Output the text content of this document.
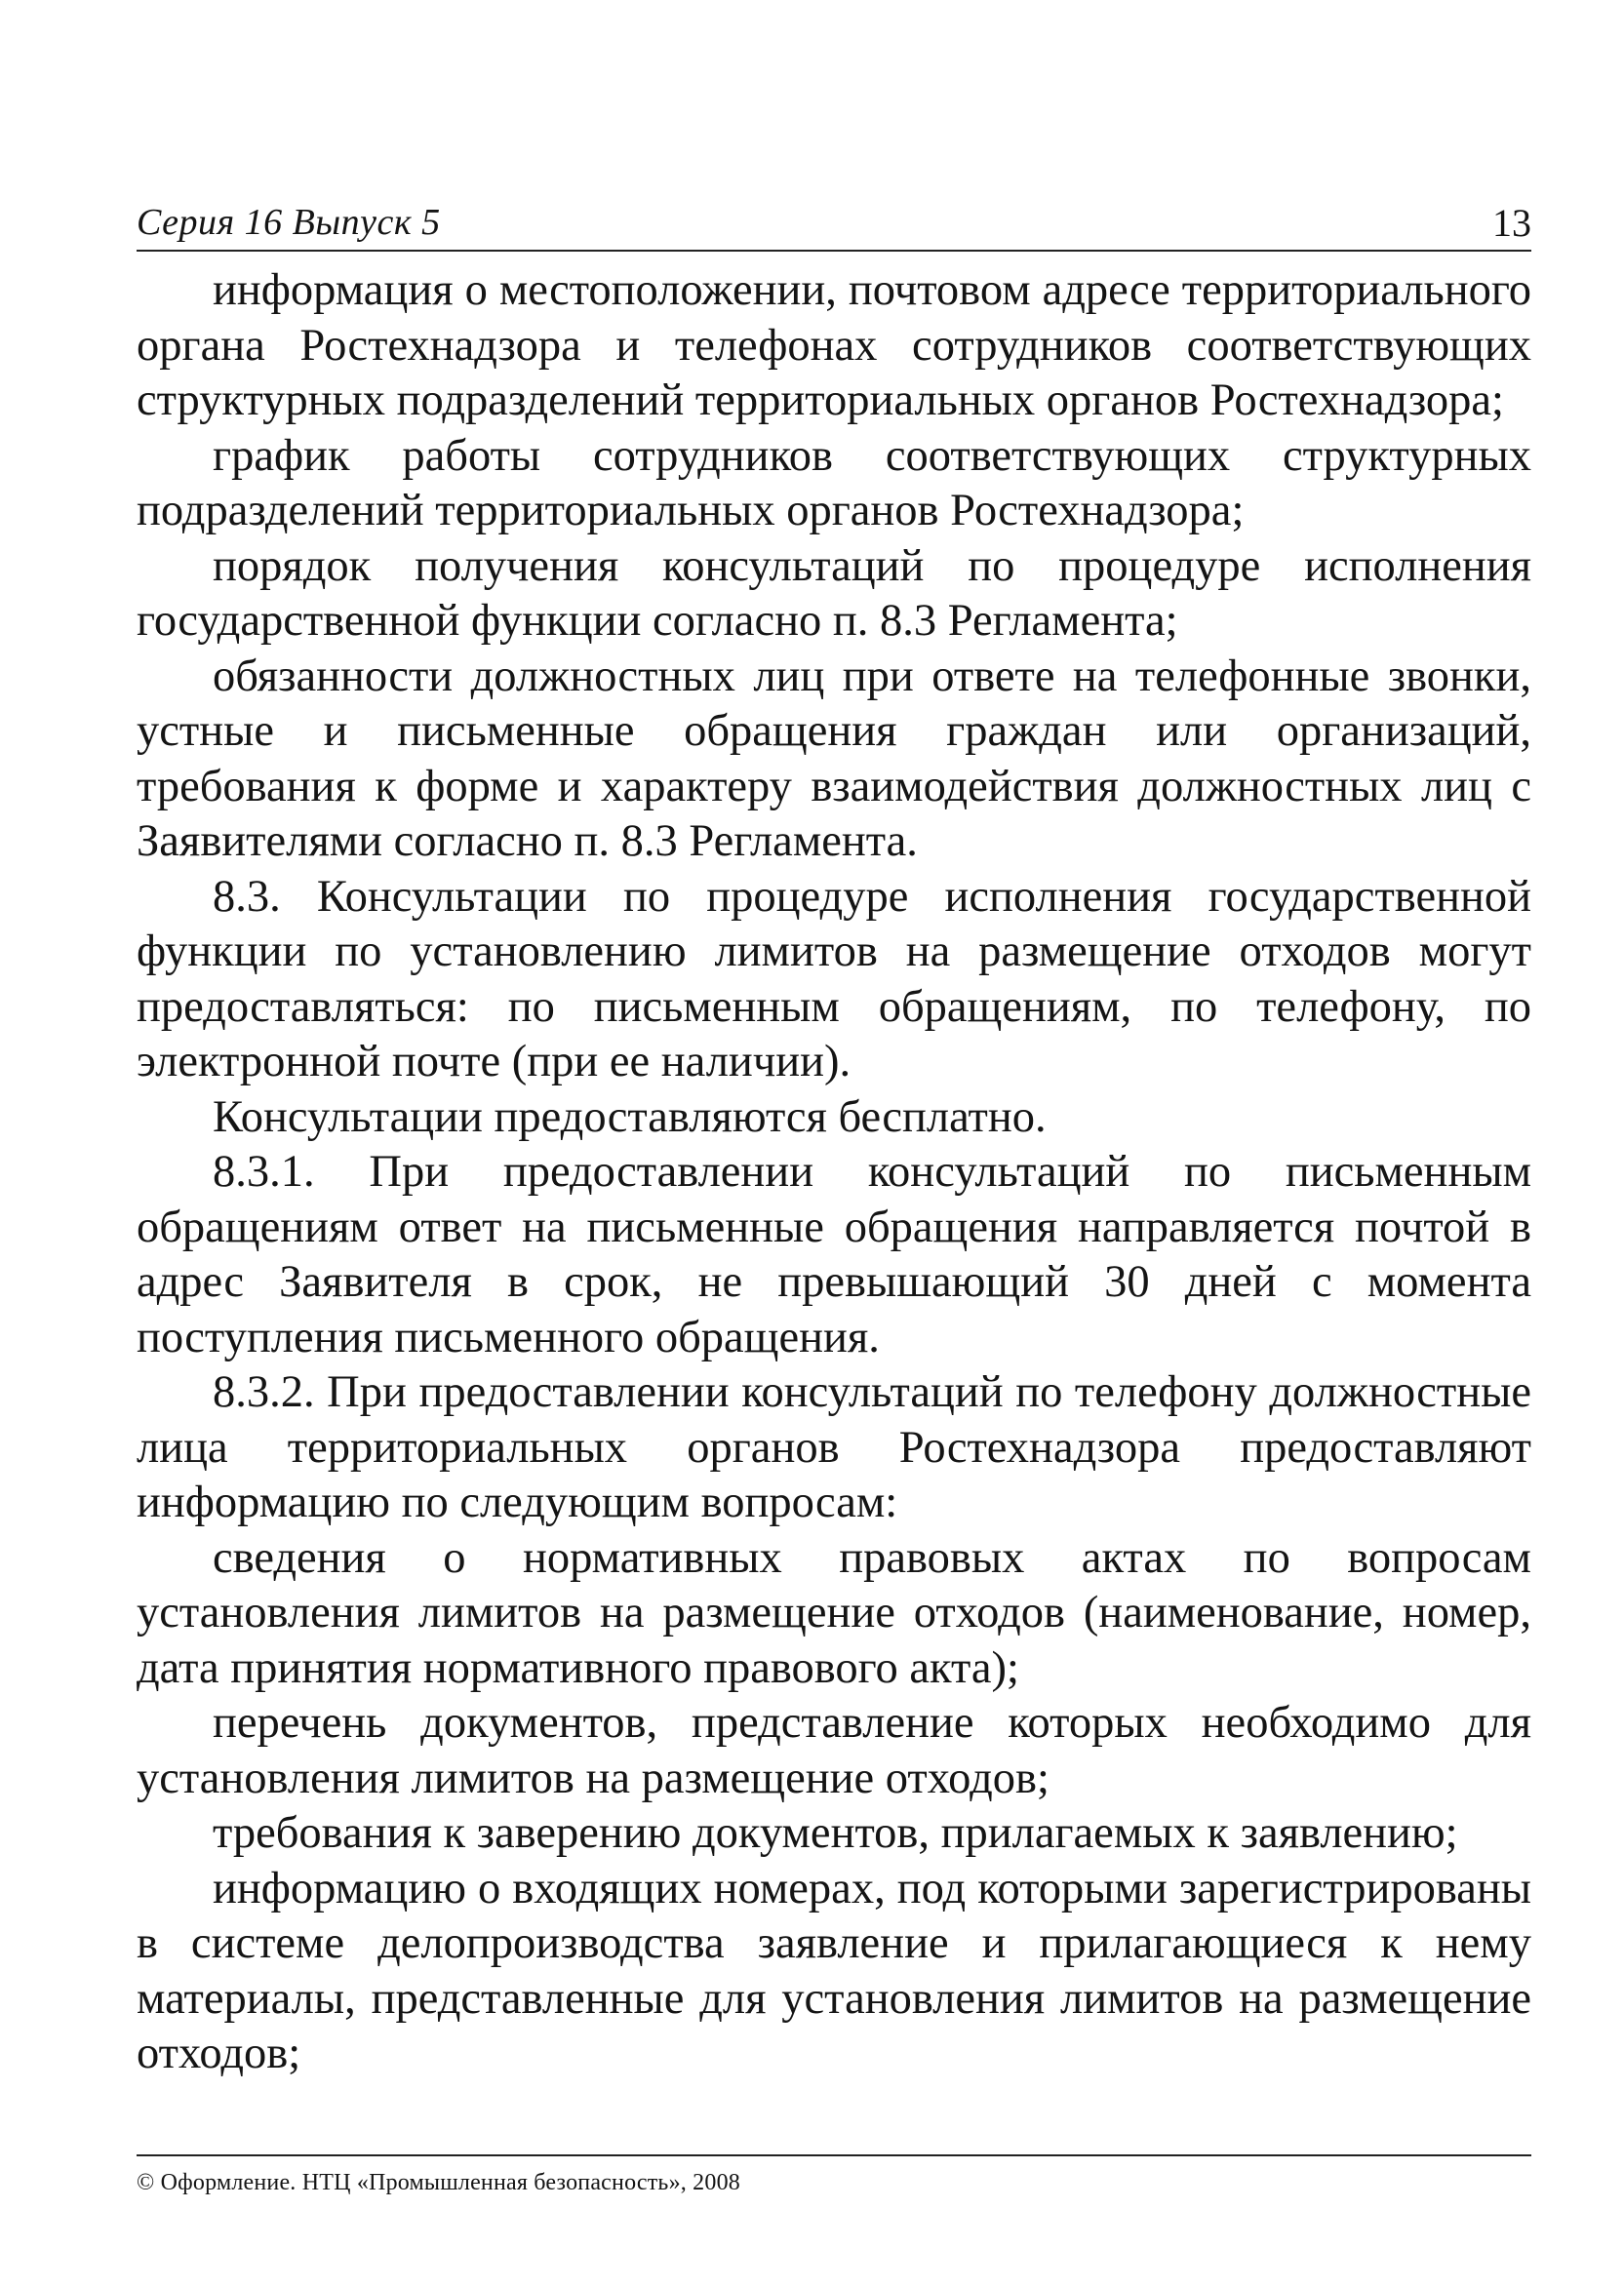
Серия 16 Выпуск 5	13

информация о местоположении, почтовом адресе территориального органа Ростехнадзора и телефонах сотрудников соответствующих структурных подразделений территориальных органов Ростехнадзора;

график работы сотрудников соответствующих структурных подразделений территориальных органов Ростехнадзора;

порядок получения консультаций по процедуре исполнения государственной функции согласно п. 8.3 Регламента;

обязанности должностных лиц при ответе на телефонные звонки, устные и письменные обращения граждан или организаций, требования к форме и характеру взаимодействия должностных лиц с Заявителями согласно п. 8.3 Регламента.

8.3. Консультации по процедуре исполнения государственной функции по установлению лимитов на размещение отходов могут предоставляться: по письменным обращениям, по телефону, по электронной почте (при ее наличии).

Консультации предоставляются бесплатно.

8.3.1. При предоставлении консультаций по письменным обращениям ответ на письменные обращения направляется почтой в адрес Заявителя в срок, не превышающий 30 дней с момента поступления письменного обращения.

8.3.2. При предоставлении консультаций по телефону должностные лица территориальных органов Ростехнадзора предоставляют информацию по следующим вопросам:

сведения о нормативных правовых актах по вопросам установления лимитов на размещение отходов (наименование, номер, дата принятия нормативного правового акта);

перечень документов, представление которых необходимо для установления лимитов на размещение отходов;

требования к заверению документов, прилагаемых к заявлению;

информацию о входящих номерах, под которыми зарегистрированы в системе делопроизводства заявление и прилагающиеся к нему материалы, представленные для установления лимитов на размещение отходов;

© Оформление. НТЦ «Промышленная безопасность», 2008
